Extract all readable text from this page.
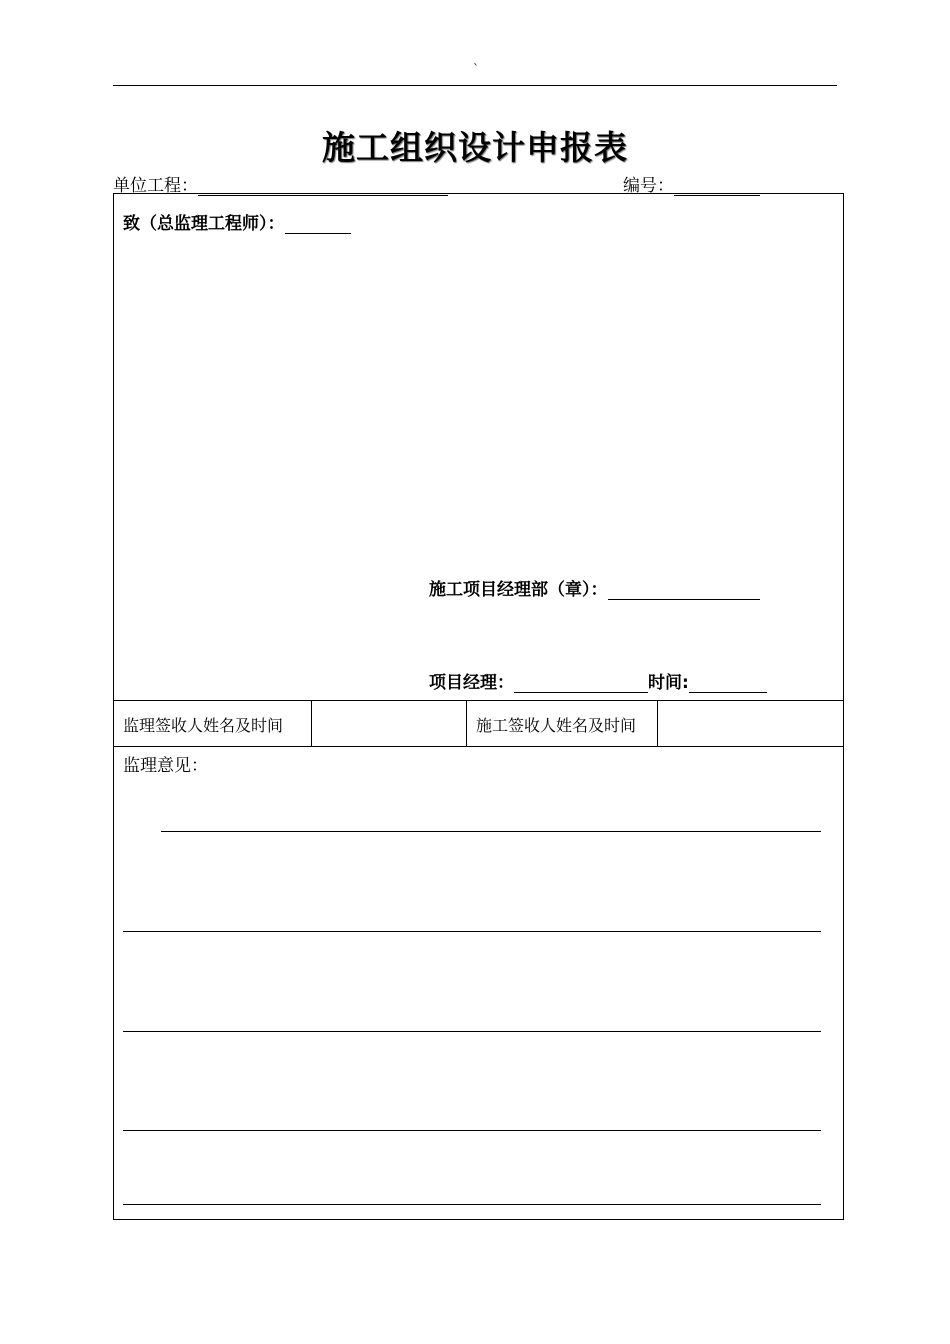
`
施工组织设计申报表
单位工程：	编号：
致（总监理工程师）：
施工项目经理部（章）：
项目经理：	时间:
监理签收人姓名及时间	施工签收人姓名及时间
监理意见：
